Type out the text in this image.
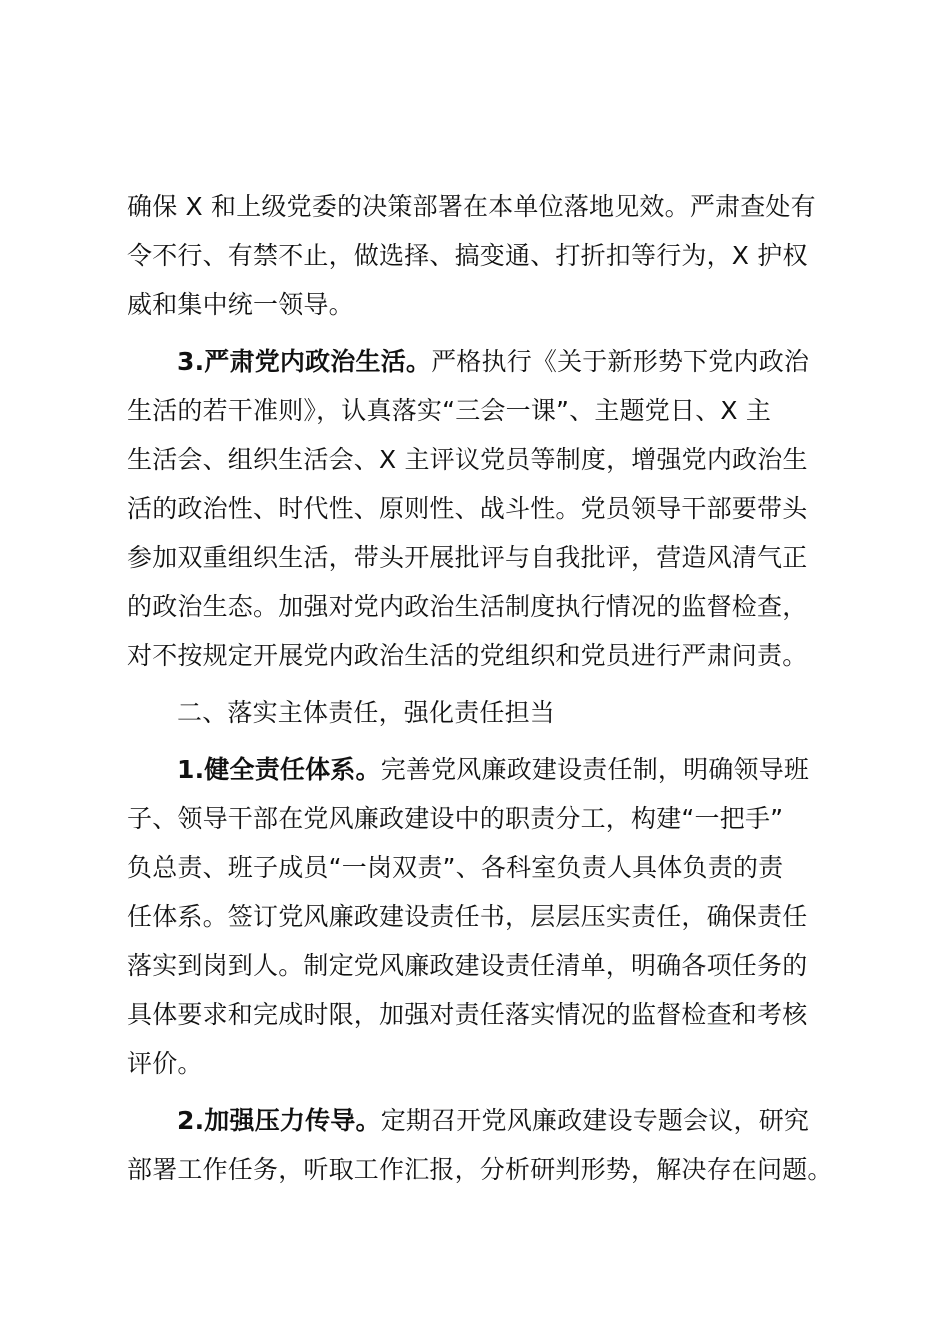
确保 X 和上级党委的决策部署在本单位落地见效。严肃查处有
令不行、有禁不止，做选择、搞变通、打折扣等行为，X 护权
威和集中统一领导。
3.严肃党内政治生活。严格执行《关于新形势下党内政治
生活的若干准则》，认真落实“三会一课”、主题党日、X 主
生活会、组织生活会、X 主评议党员等制度，增强党内政治生
活的政治性、时代性、原则性、战斗性。党员领导干部要带头
参加双重组织生活，带头开展批评与自我批评，营造风清气正
的政治生态。加强对党内政治生活制度执行情况的监督检查，
对不按规定开展党内政治生活的党组织和党员进行严肃问责。
二、落实主体责任，强化责任担当
1.健全责任体系。完善党风廉政建设责任制，明确领导班
子、领导干部在党风廉政建设中的职责分工，构建“一把手”
负总责、班子成员“一岗双责”、各科室负责人具体负责的责
任体系。签订党风廉政建设责任书，层层压实责任，确保责任
落实到岗到人。制定党风廉政建设责任清单，明确各项任务的
具体要求和完成时限，加强对责任落实情况的监督检查和考核
评价。
2.加强压力传导。定期召开党风廉政建设专题会议，研究
部署工作任务，听取工作汇报，分析研判形势，解决存在问题。
